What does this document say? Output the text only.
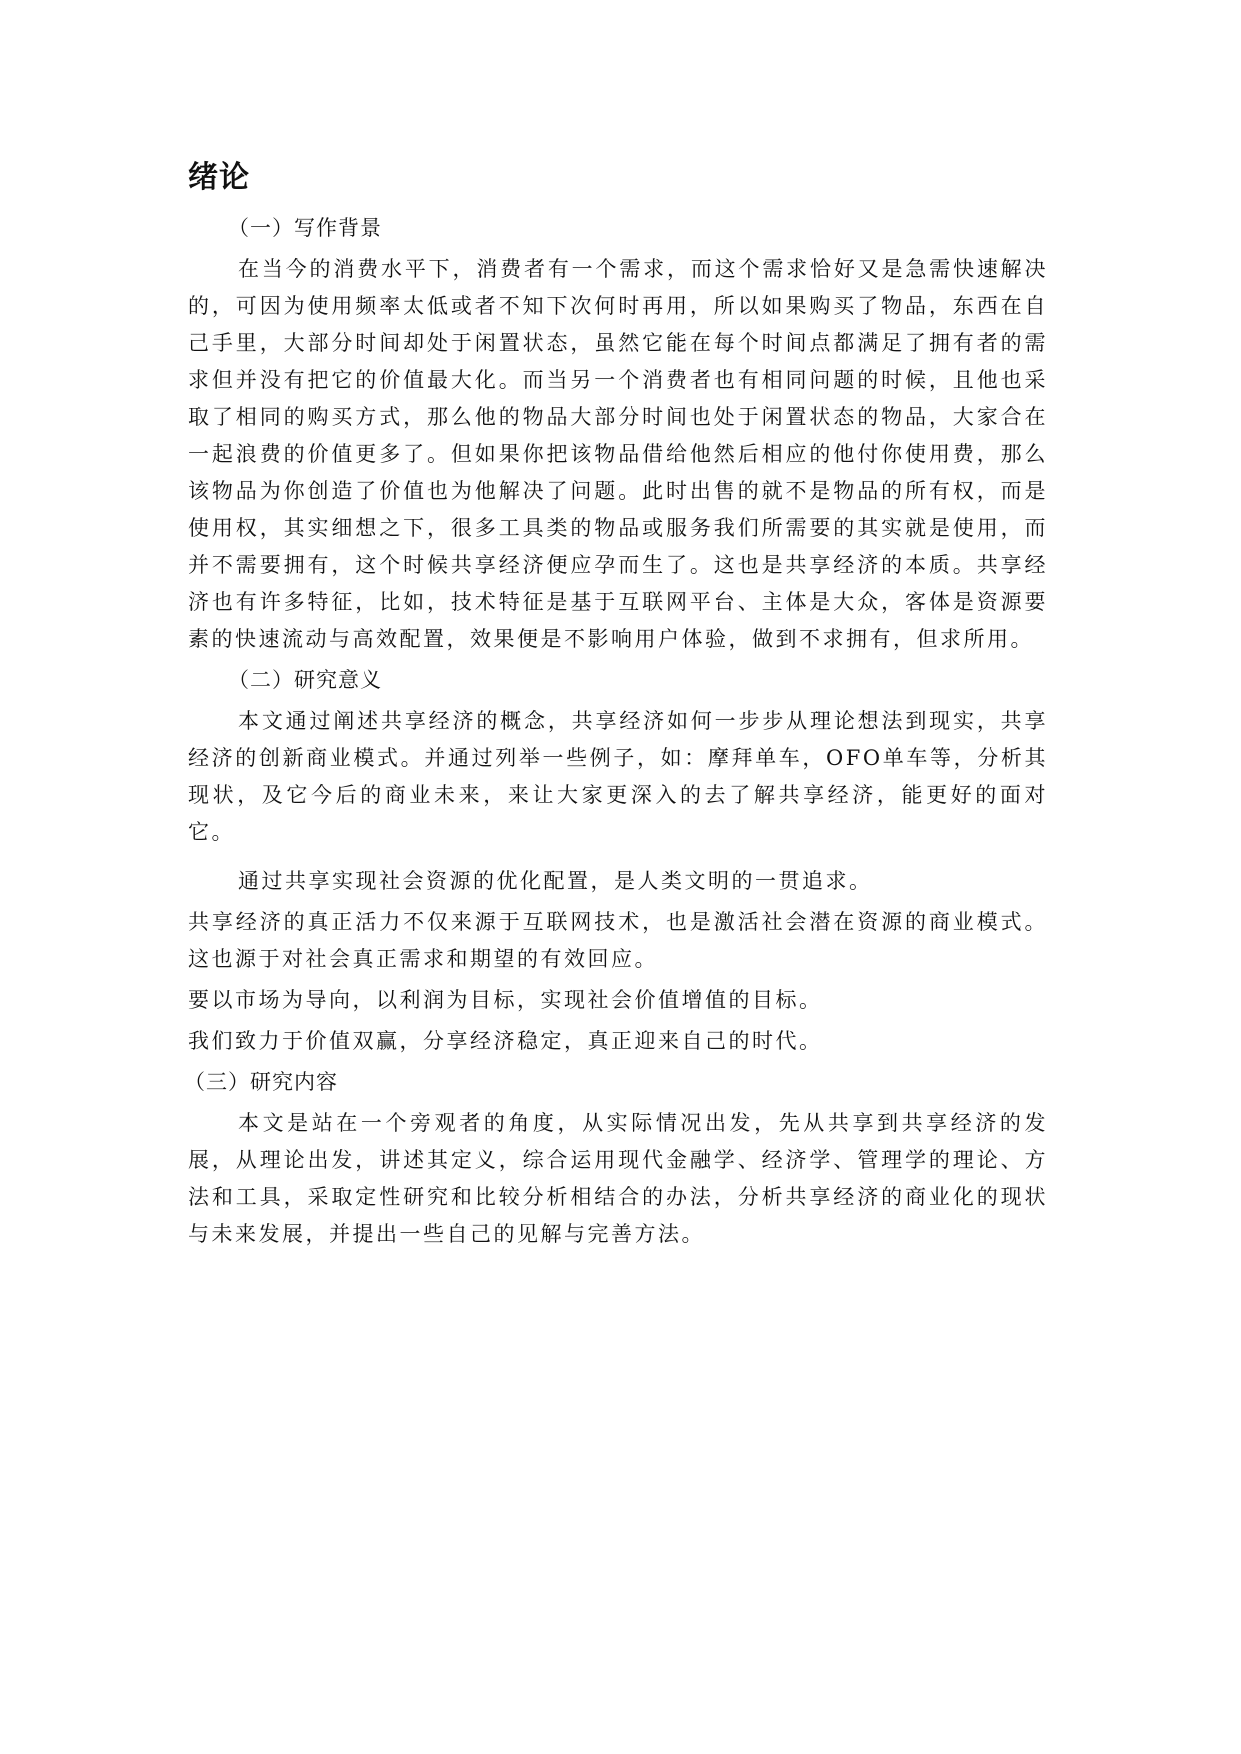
绪论
（一）写作背景

在当今的消费水平下，消费者有一个需求，而这个需求恰好又是急需快速解决的，可因为使用频率太低或者不知下次何时再用，所以如果购买了物品，东西在自己手里，大部分时间却处于闲置状态，虽然它能在每个时间点都满足了拥有者的需求但并没有把它的价值最大化。而当另一个消费者也有相同问题的时候，且他也采取了相同的购买方式，那么他的物品大部分时间也处于闲置状态的物品，大家合在一起浪费的价值更多了。但如果你把该物品借给他然后相应的他付你使用费，那么该物品为你创造了价值也为他解决了问题。此时出售的就不是物品的所有权，而是使用权，其实细想之下，很多工具类的物品或服务我们所需要的其实就是使用，而并不需要拥有，这个时候共享经济便应孕而生了。这也是共享经济的本质。共享经济也有许多特征，比如，技术特征是基于互联网平台、主体是大众，客体是资源要素的快速流动与高效配置，效果便是不影响用户体验，做到不求拥有，但求所用。

（二）研究意义

本文通过阐述共享经济的概念，共享经济如何一步步从理论想法到现实，共享经济的创新商业模式。并通过列举一些例子，如：摩拜单车，OFO单车等，分析其现状，及它今后的商业未来，来让大家更深入的去了解共享经济，能更好的面对它。

通过共享实现社会资源的优化配置，是人类文明的一贯追求。

共享经济的真正活力不仅来源于互联网技术，也是激活社会潜在资源的商业模式。 这也源于对社会真正需求和期望的有效回应。

要以市场为导向，以利润为目标，实现社会价值增值的目标。

我们致力于价值双赢，分享经济稳定，真正迎来自己的时代。

（三）研究内容

本文是站在一个旁观者的角度，从实际情况出发，先从共享到共享经济的发展，从理论出发，讲述其定义，综合运用现代金融学、经济学、管理学的理论、方法和工具，采取定性研究和比较分析相结合的办法，分析共享经济的商业化的现状与未来发展，并提出一些自己的见解与完善方法。
